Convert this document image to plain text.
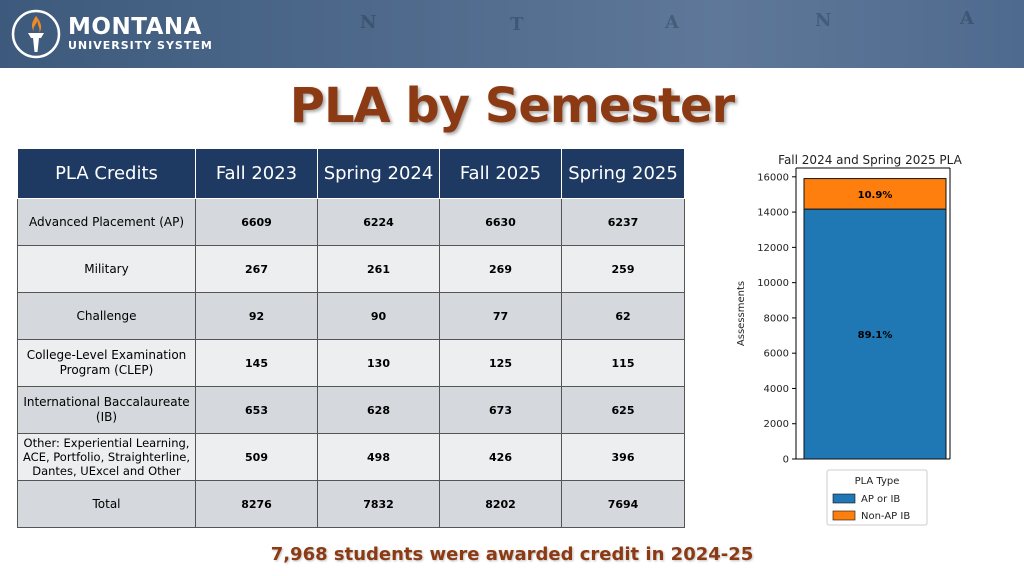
N	T	A	N	A
MONTANA
UNIVERSITY SYSTEM
PLA by Semester
PLA Credits	Fall 2023	Spring 2024	Fall 2025	Spring 2025
Advanced Placement (AP)	6609	6224	6630	6237
Military	267	261	269	259
Challenge	92	90	77	62
College-Level Examination Program (CLEP)	145	130	125	115
International Baccalaureate (IB)	653	628	673	625
Other: Experiential Learning, ACE, Portfolio, Straighterline, Dantes, UExcel and Other	509	498	426	396
Total	8276	7832	8202	7694
Fall 2024 and Spring 2025 PLA
Assessments
0
2000
4000
6000
8000
10000
12000
14000
16000
89.1%
10.9%
PLA Type
AP or IB
Non-AP IB
7,968 students were awarded credit in 2024-25
